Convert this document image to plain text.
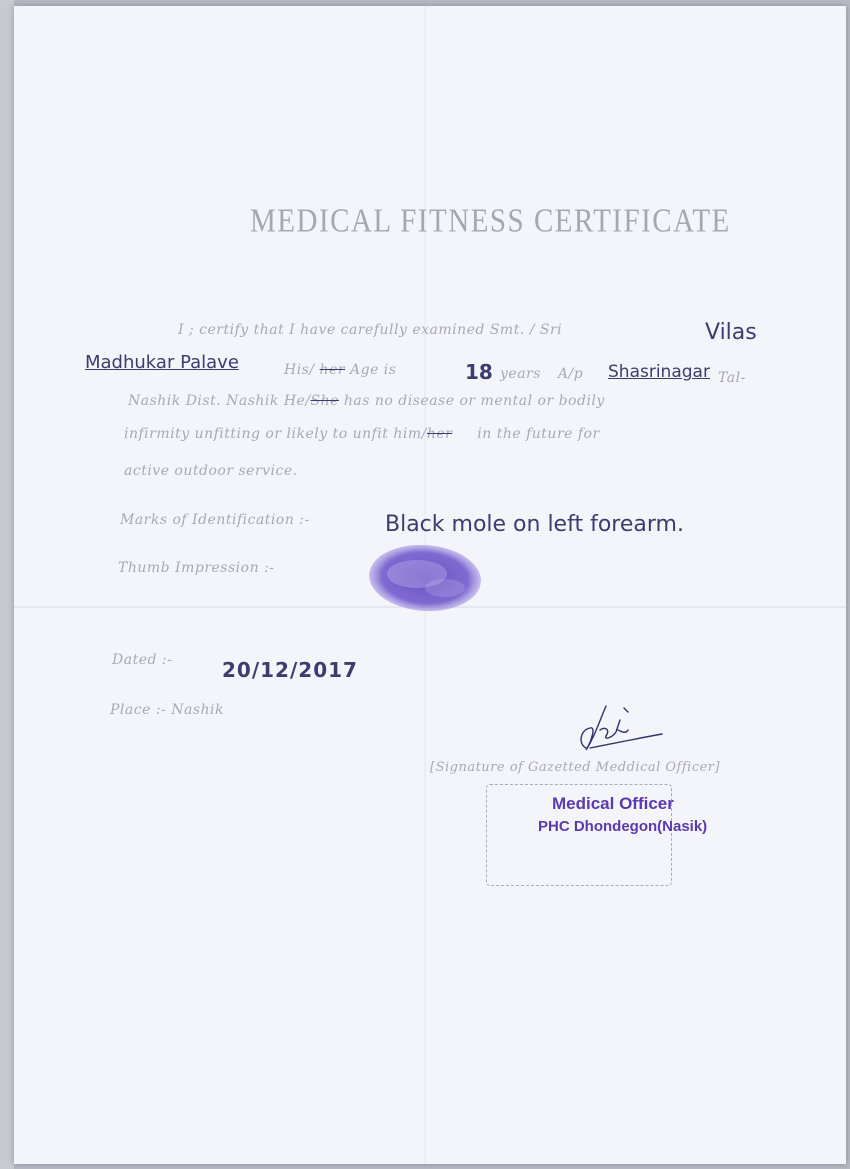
MEDICAL FITNESS CERTIFICATE
I ; certify that I have carefully examined Smt. / Sri	Vilas
Madhukar Palave	His/ her Age is	18 years A/p Shasrinagar Tal-
Nashik Dist. Nashik He/She has no disease or mental or bodily
infirmity unfitting or likely to unfit him/her in the future for
active outdoor service.
Marks of Identification :-	Black mole on left forearm.
Thumb Impression :-
Dated :- 20/12/2017
Place :- Nashik
[Signature of Gazetted Meddical Officer]
Medical Officer
PHC Dhondegon(Nasik)
